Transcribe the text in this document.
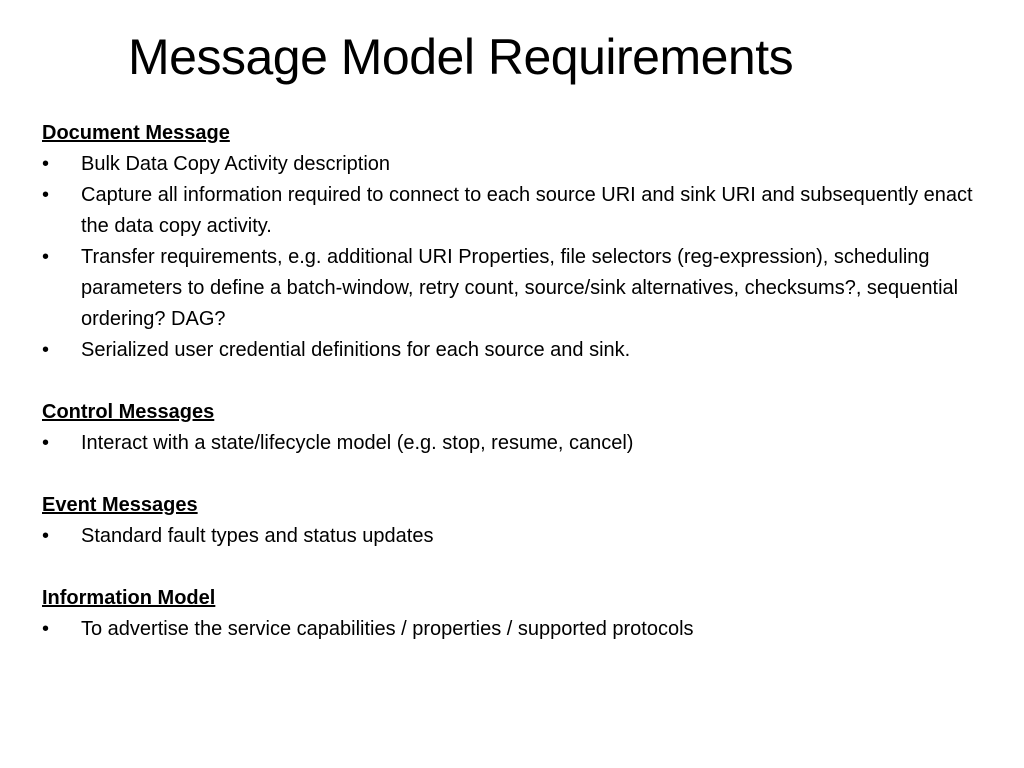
Message Model Requirements
Document Message
•	Bulk Data Copy Activity description
•	Capture all information required to connect to each source URI and sink URI and subsequently enact the data copy activity.
•	Transfer requirements, e.g. additional URI Properties, file selectors (reg-expression), scheduling parameters to define a batch-window, retry count, source/sink alternatives, checksums?, sequential ordering? DAG?
•	Serialized user credential definitions for each source and sink.
Control Messages
•	Interact with a state/lifecycle model (e.g. stop, resume, cancel)
Event Messages
•	Standard fault types and status updates
Information Model
•	To advertise the service capabilities / properties / supported protocols
